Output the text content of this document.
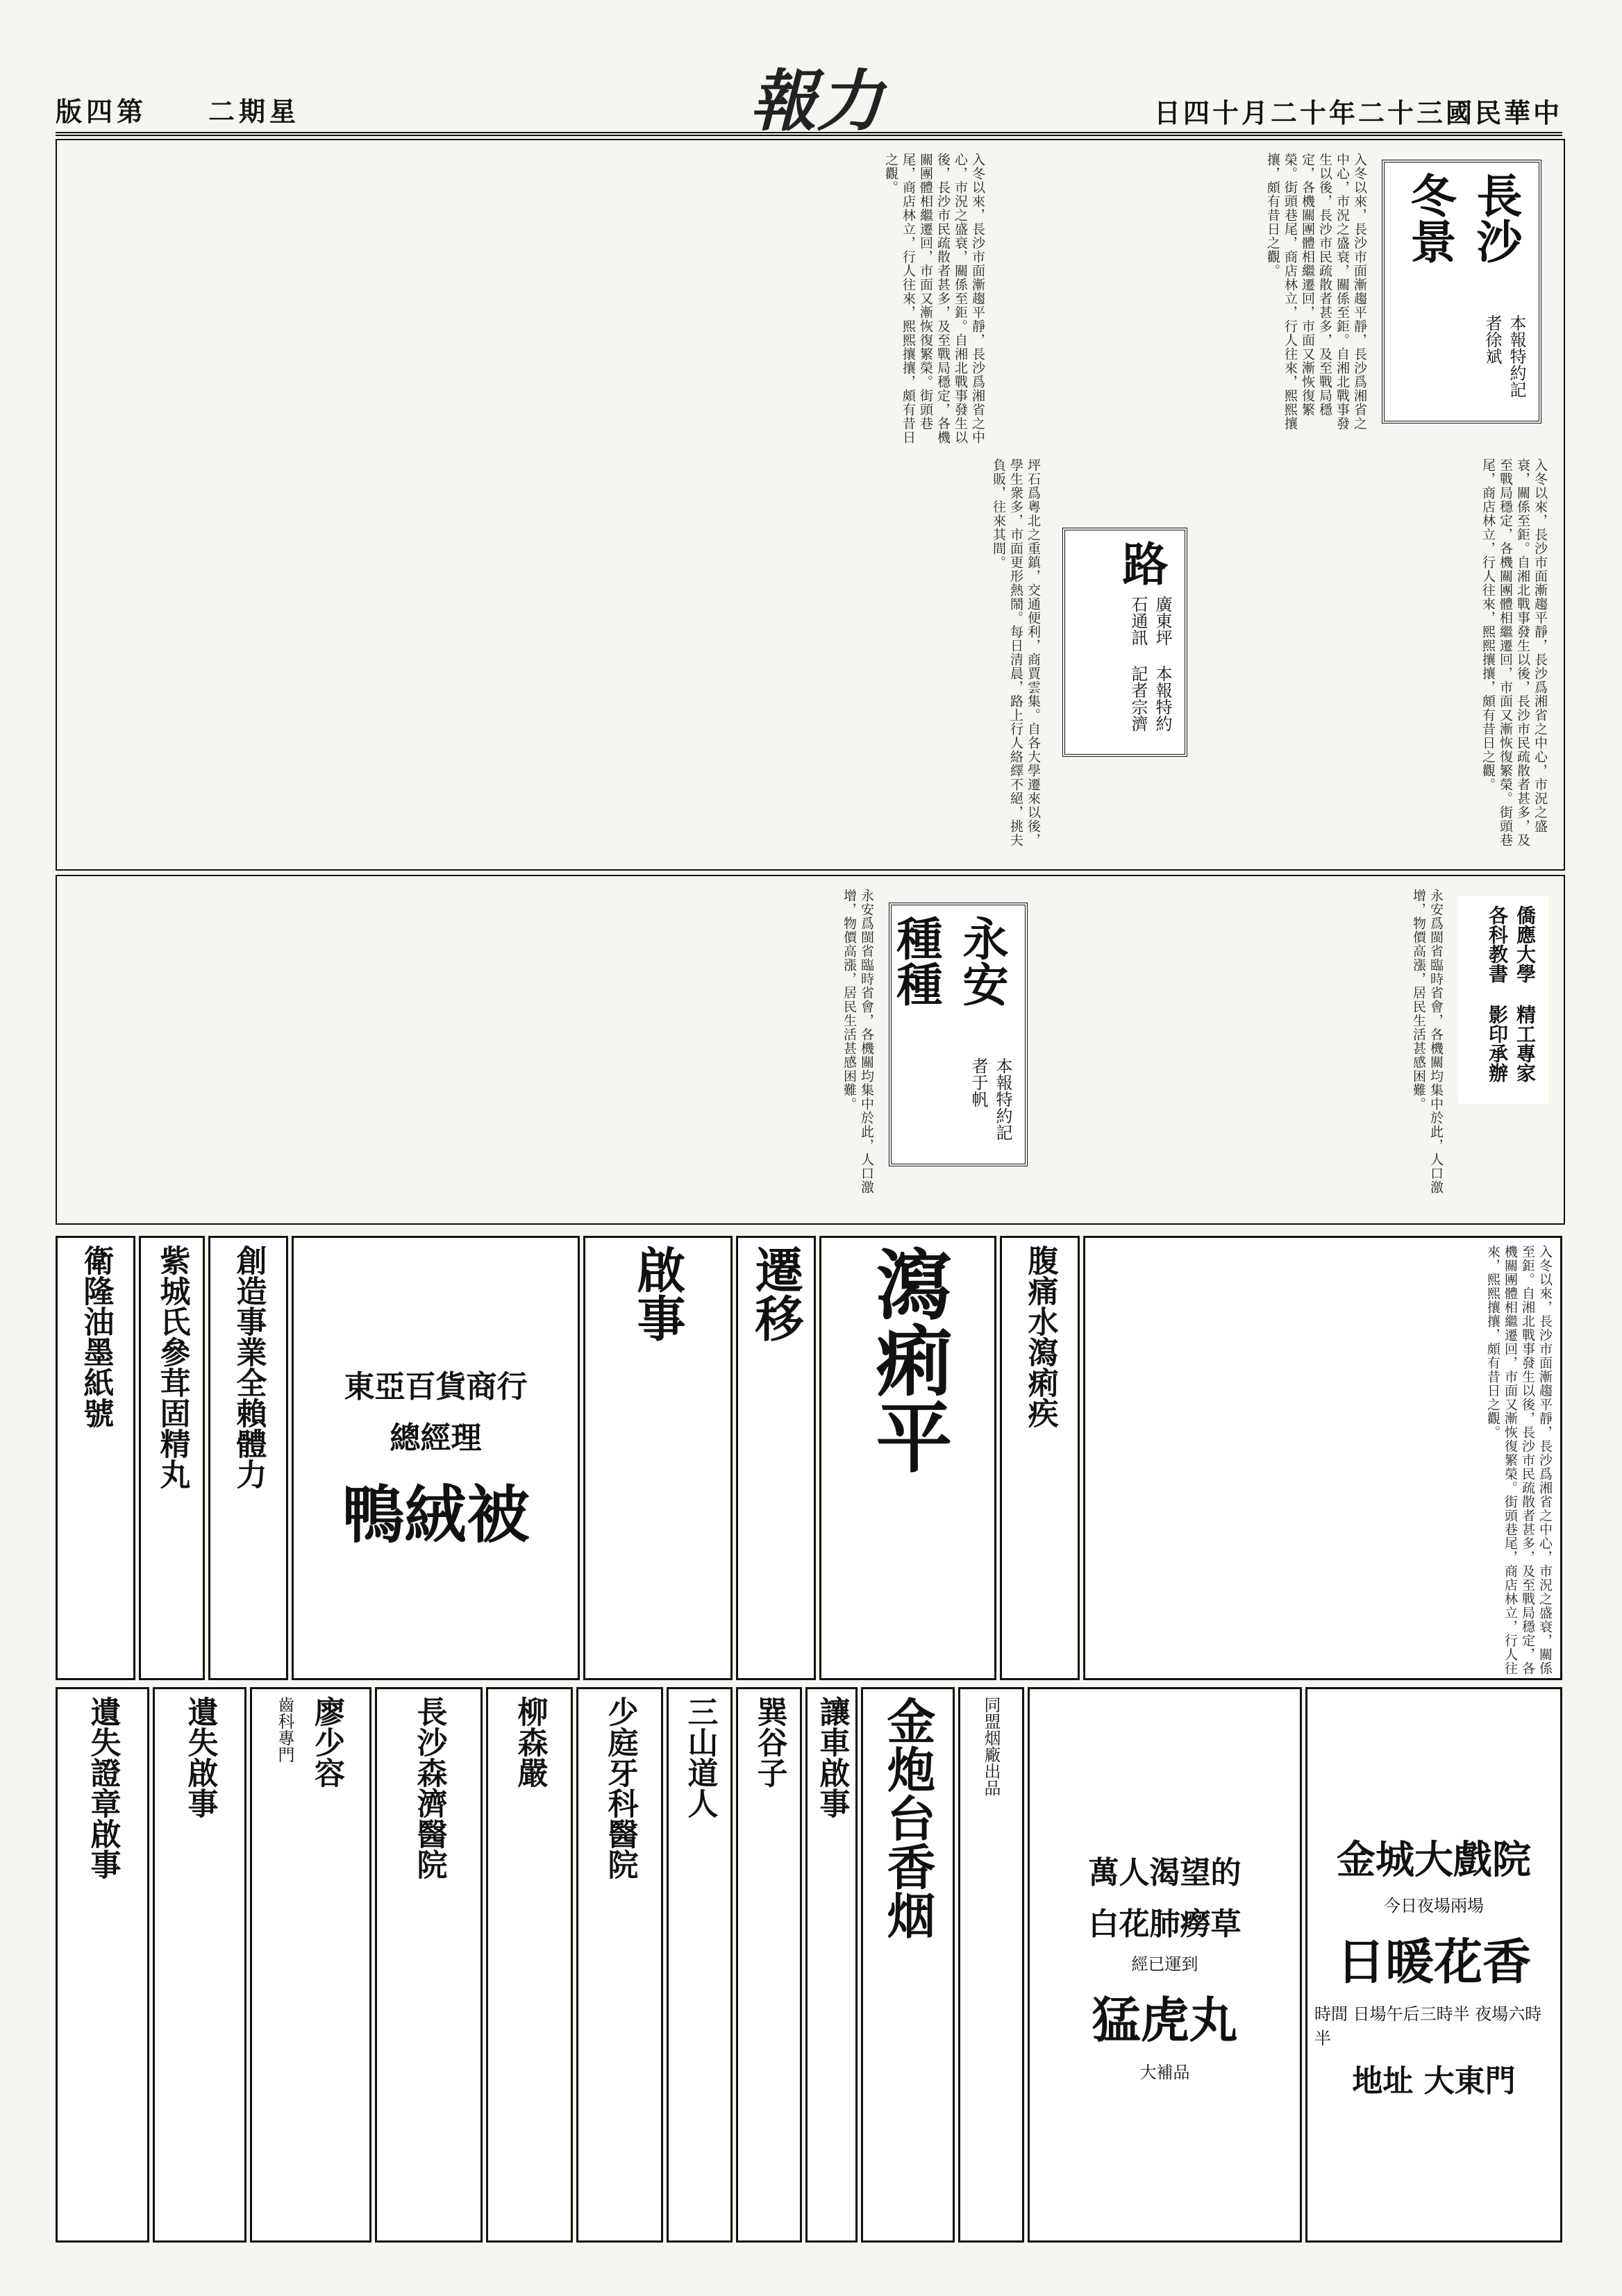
版四第　　二期星	報力	日四十月二十年二十三國民華中
長沙冬景
本報特約記者徐斌
入冬以來，長沙市面漸趨平靜，長沙爲湘省之中心，市況之盛衰，關係至鉅。自湘北戰事發生以後，長沙市民疏散者甚多，及至戰局穩定，各機關團體相繼遷回，市面又漸恢復繁榮。街頭巷尾，商店林立，行人往來，熙熙攘攘，頗有昔日之觀。
入冬以來，長沙市面漸趨平靜，長沙爲湘省之中心，市況之盛衰，關係至鉅。自湘北戰事發生以後，長沙市民疏散者甚多，及至戰局穩定，各機關團體相繼遷回，市面又漸恢復繁榮。街頭巷尾，商店林立，行人往來，熙熙攘攘，頗有昔日之觀。
路
廣東坪石通訊
本報特約記者宗濟	入冬以來，長沙市面漸趨平靜，長沙爲湘省之中心，市況之盛衰，關係至鉅。自湘北戰事發生以後，長沙市民疏散者甚多，及至戰局穩定，各機關團體相繼遷回，市面又漸恢復繁榮。街頭巷尾，商店林立，行人往來，熙熙攘攘，頗有昔日之觀。
坪石爲粵北之重鎮，交通便利，商賈雲集。自各大學遷來以後，學生衆多，市面更形熱鬧。每日清晨，路上行人絡繹不絕，挑夫負販，往來其間。
永安種種
本報特約記者于帆
僑應大學各科教書
精工專家影印承辦
永安爲閩省臨時省會，各機關均集中於此，人口激增，物價高漲，居民生活甚感困難。
永安爲閩省臨時省會，各機關均集中於此，人口激增，物價高漲，居民生活甚感困難。
入冬以來，長沙市面漸趨平靜，長沙爲湘省之中心，市況之盛衰，關係至鉅。自湘北戰事發生以後，長沙市民疏散者甚多，及至戰局穩定，各機關團體相繼遷回，市面又漸恢復繁榮。街頭巷尾，商店林立，行人往來，熙熙攘攘，頗有昔日之觀。
腹痛水瀉痢疾
瀉痢平
遷移
啟事
東亞百貨商行
總經理
鴨絨被
創造事業全賴體力
紫城氏參茸固精丸
衛隆油墨紙號
金城大戲院
今日夜場兩場
日暖花香
時間 日場午后三時半 夜場六時半
地址 大東門
萬人渴望的
白花肺癆草
經已運到
猛虎丸
大補品
同盟烟廠出品
金炮台香烟
讓車啟事
巽谷子
三山道人
少庭牙科醫院
柳森嚴
長沙森濟醫院
廖少容
齒科專門
遺失啟事
遺失證章啟事
